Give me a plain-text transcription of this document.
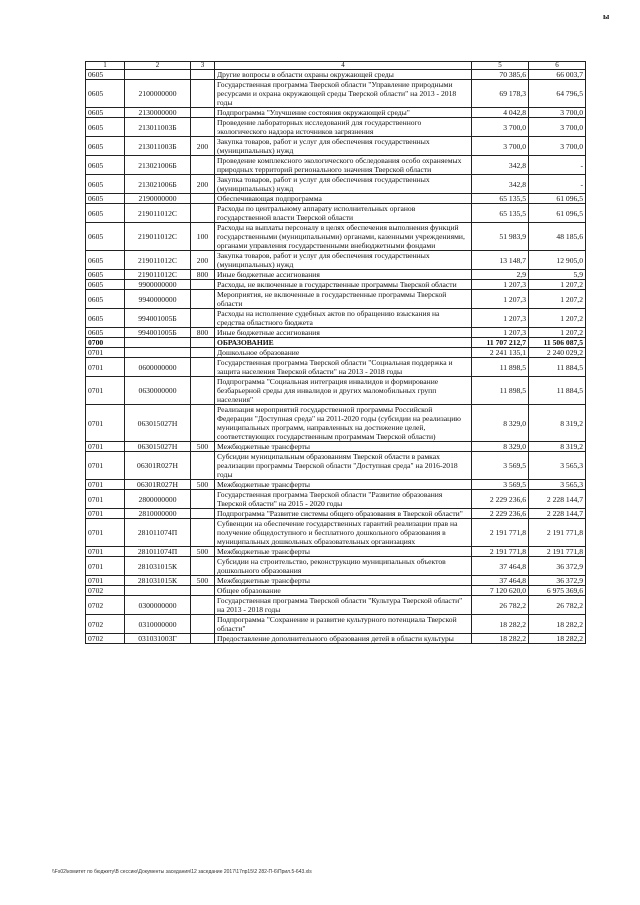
ы
1	2	3	4	5	6
0605			Другие вопросы в области охраны окружающей среды	70 385,6	66 003,7
0605	2100000000		Государственная программа Тверской области "Управление природными ресурсами и охрана окружающей среды Тверской области" на 2013 - 2018 годы	69 178,3	64 796,5
0605	2130000000		Подпрограмма "Улучшение состояния окружающей среды"	4 042,8	3 700,0
0605	213011003Б		Проведение лабораторных исследований для государственного экологического надзора источников загрязнения	3 700,0	3 700,0
0605	213011003Б	200	Закупка товаров, работ и услуг для обеспечения государственных (муниципальных) нужд	3 700,0	3 700,0
0605	213021006Б		Проведение комплексного экологического обследования особо охраняемых природных территорий регионального значения Тверской области	342,8	-
0605	213021006Б	200	Закупка товаров, работ и услуг для обеспечения государственных (муниципальных) нужд	342,8	-
0605	2190000000		Обеспечивающая подпрограмма	65 135,5	61 096,5
0605	219011012С		Расходы по центральному аппарату исполнительных органов государственной власти Тверской области	65 135,5	61 096,5
0605	219011012С	100	Расходы на выплаты персоналу в целях обеспечения выполнения функций государственными (муниципальными) органами, казенными учреждениями, органами управления государственными внебюджетными фондами	51 983,9	48 185,6
0605	219011012С	200	Закупка товаров, работ и услуг для обеспечения государственных (муниципальных) нужд	13 148,7	12 905,0
0605	219011012С	800	Иные бюджетные ассигнования	2,9	5,9
0605	9900000000		Расходы, не включенные в государственные программы Тверской области	1 207,3	1 207,2
0605	9940000000		Мероприятия, не включенные в государственные программы Тверской области	1 207,3	1 207,2
0605	994001005Б		Расходы на исполнение судебных актов по обращению взыскания на средства областного бюджета	1 207,3	1 207,2
0605	994001005Б	800	Иные бюджетные ассигнования	1 207,3	1 207,2
0700			ОБРАЗОВАНИЕ	11 707 212,7	11 506 087,5
0701			Дошкольное образование	2 241 135,1	2 240 029,2
0701	0600000000		Государственная программа Тверской области "Социальная поддержка и защита населения Тверской области" на 2013 - 2018 годы	11 898,5	11 884,5
0701	0630000000		Подпрограмма "Социальная интеграция инвалидов и формирование безбарьерной среды для инвалидов и других маломобильных групп населения"	11 898,5	11 884,5
0701	063015027Н		Реализация мероприятий государственной программы Российской Федерации "Доступная среда" на 2011-2020 годы (субсидии на реализацию муниципальных программ, направленных на достижение целей, соответствующих государственным программам Тверской области)	8 329,0	8 319,2
0701	063015027Н	500	Межбюджетные трансферты	8 329,0	8 319,2
0701	06301R027Н		Субсидии муниципальным образованиям Тверской области в рамках реализации программы Тверской области "Доступная среда" на 2016-2018 годы	3 569,5	3 565,3
0701	06301R027Н	500	Межбюджетные трансферты	3 569,5	3 565,3
0701	2800000000		Государственная программа Тверской области "Развитие образования Тверской области" на 2015 - 2020 годы	2 229 236,6	2 228 144,7
0701	2810000000		Подпрограмма "Развитие системы общего образования в Тверской области"	2 229 236,6	2 228 144,7
0701	281011074П		Субвенции на обеспечение государственных гарантий реализации прав на получение общедоступного и бесплатного дошкольного образования в муниципальных дошкольных образовательных организациях	2 191 771,8	2 191 771,8
0701	281011074П	500	Межбюджетные трансферты	2 191 771,8	2 191 771,8
0701	281031015К		Субсидии на строительство, реконструкцию муниципальных объектов дошкольного образования	37 464,8	36 372,9
0701	281031015К	500	Межбюджетные трансферты	37 464,8	36 372,9
0702			Общее образование	7 120 620,0	6 975 369,6
0702	0300000000		Государственная программа Тверской области "Культура Тверской области" на 2013 - 2018 годы	26 782,2	26 782,2
0702	0310000000		Подпрограмма "Сохранение и развитие культурного потенциала Тверской области"	18 282,2	18 282,2
0702	031031003Г		Предоставление дополнительного образования детей в области культуры	18 282,2	18 282,2
\\Fs02\комитет по бюджету\В сессию\Документы заседания\12 заседание 2017\17пр15\2 282-П-6\Прил.5-643.xls
